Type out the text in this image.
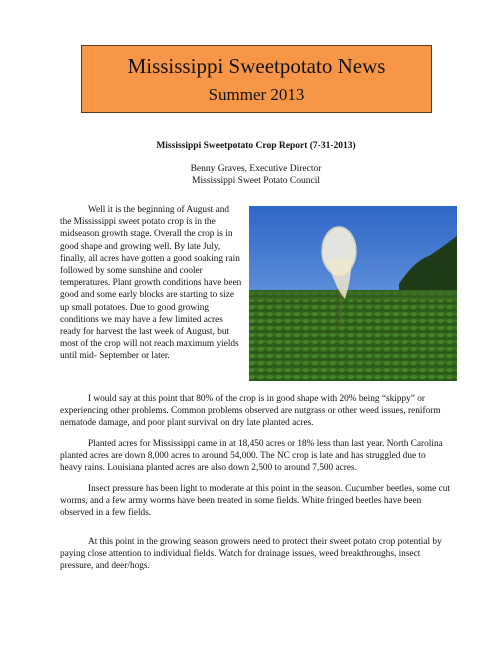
Mississippi Sweetpotato News
Summer 2013
Mississippi Sweetpotato Crop Report (7-31-2013)
Benny Graves, Executive Director
Mississippi Sweet Potato Council

Well it is the beginning of August and the Mississippi sweet potato crop is in the midseason growth stage. Overall the crop is in good shape and growing well. By late July, finally, all acres have gotten a good soaking rain followed by some sunshine and cooler temperatures. Plant growth conditions have been good and some early blocks are starting to size up small potatoes. Due to good growing conditions we may have a few limited acres ready for harvest the last week of August, but most of the crop will not reach maximum yields until mid- September or later.

I would say at this point that 80% of the crop is in good shape with 20% being “skippy” or experiencing other problems. Common problems observed are nutgrass or other weed issues, reniform nematode damage, and poor plant survival on dry late planted acres.

Planted acres for Mississippi came in at 18,450 acres or 18% less than last year. North Carolina planted acres are down 8,000 acres to around 54,000. The NC crop is late and has struggled due to heavy rains. Louisiana planted acres are also down 2,500 to around 7,500 acres.

Insect pressure has been light to moderate at this point in the season. Cucumber beetles, some cut worms, and a few army worms have been treated in some fields. White fringed beetles have been observed in a few fields.

At this point in the growing season growers need to protect their sweet potato crop potential by paying close attention to individual fields. Watch for drainage issues, weed breakthroughs, insect pressure, and deer/hogs.
